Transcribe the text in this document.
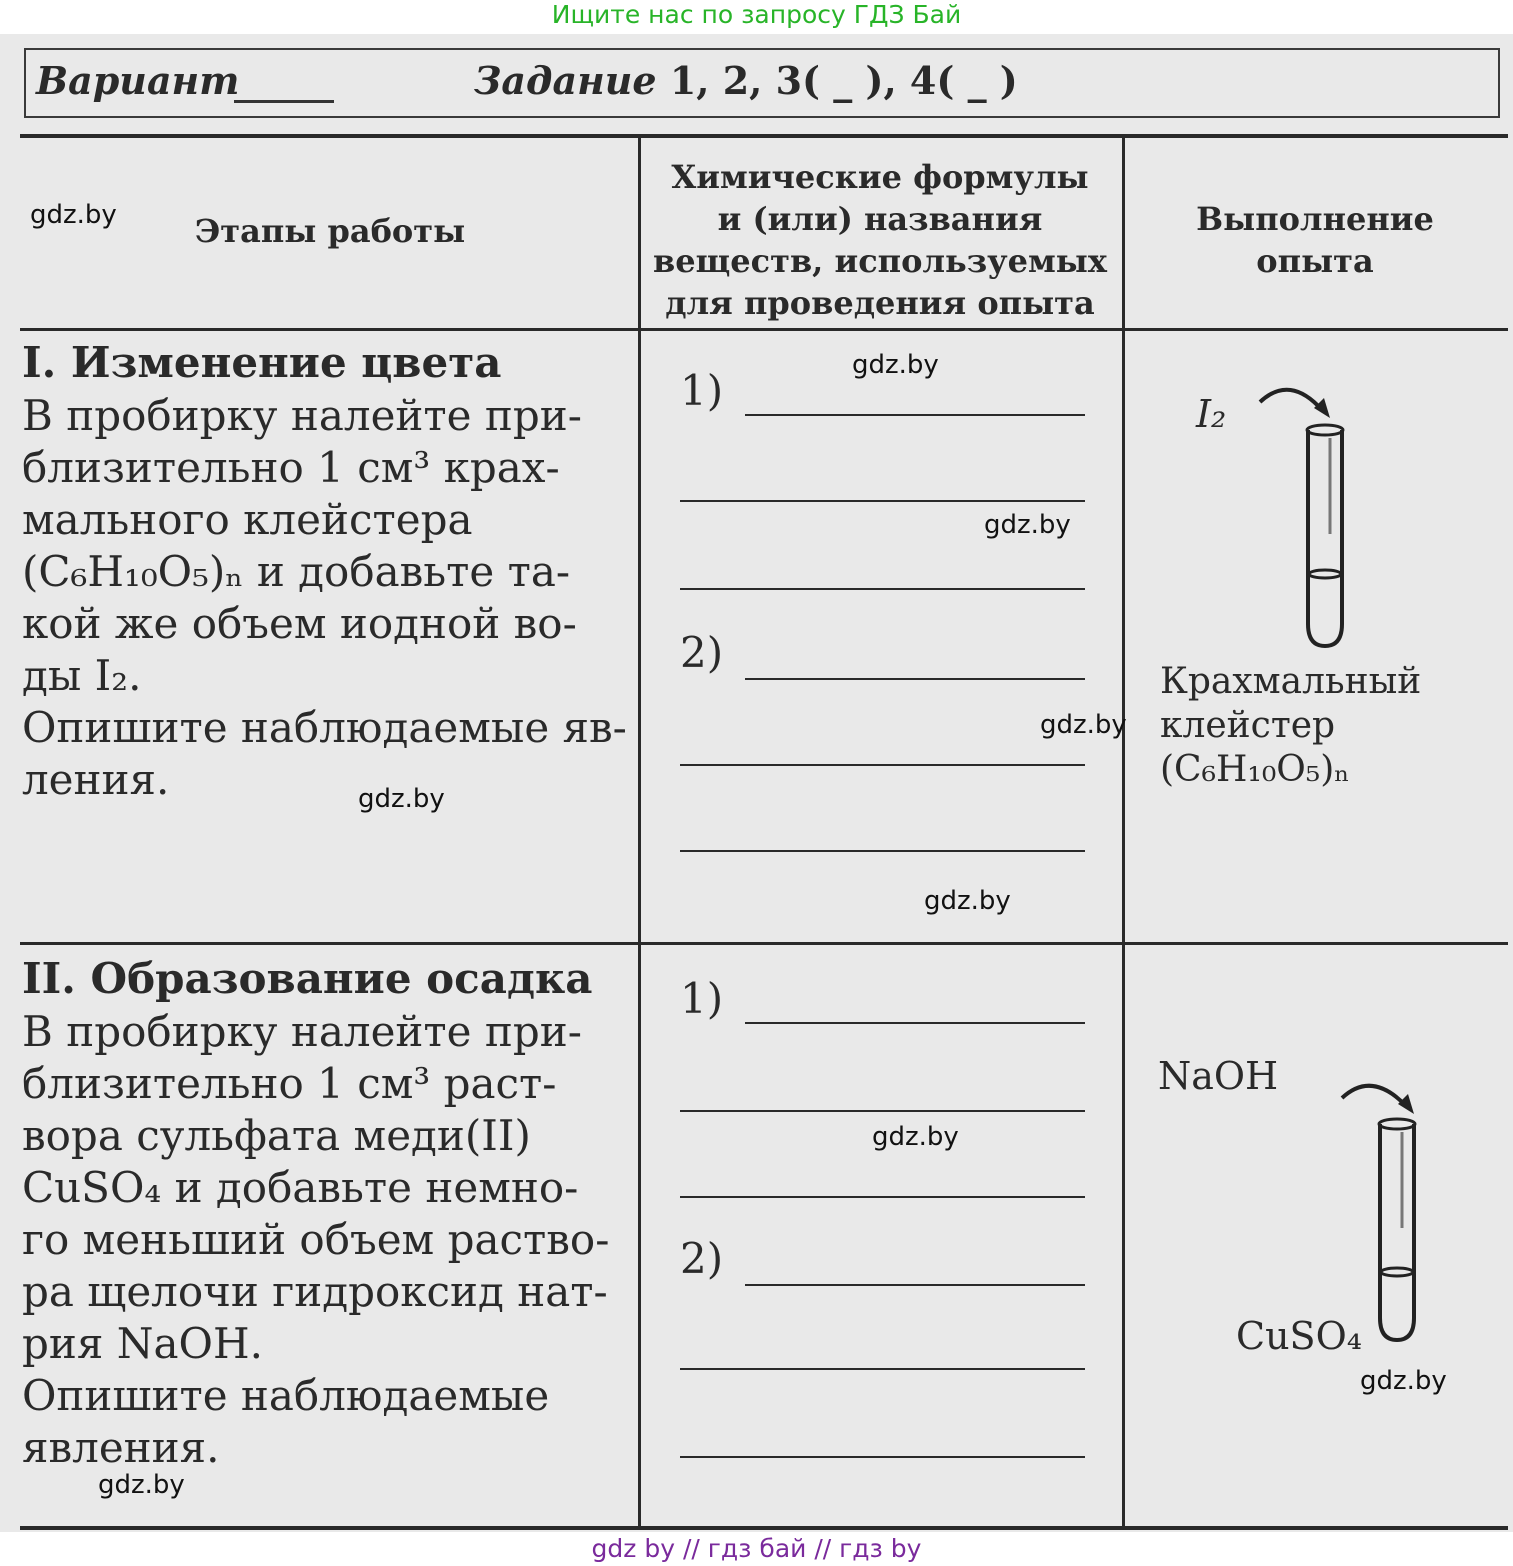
Ищите нас по запросу ГДЗ Бай
Вариант	Задание 1, 2, 3( _ ), 4( _ )
Этапы работы
Химические формулы
и (или) названия
веществ, используемых
для проведения опыта
Выполнение
опыта
I. Изменение цвета
В пробирку налейте при-
близительно 1 см³ крах-
мального клейстера
(C₆H₁₀O₅)ₙ и добавьте та-
кой же объем иодной во-
ды I₂.
Опишите наблюдаемые яв-
ления.
1)
2)
I₂
Крахмальный
клейстер
(C₆H₁₀O₅)ₙ
II. Образование осадка
В пробирку налейте при-
близительно 1 см³ раст-
вора сульфата меди(II)
CuSO₄ и добавьте немно-
го меньший объем раство-
ра щелочи гидроксид нат-
рия NaOH.
Опишите наблюдаемые
явления.
1)
2)
NaOH
CuSO₄
gdz.by
gdz.by
gdz.by
gdz.by
gdz.by
gdz.by
gdz.by
gdz.by
gdz.by
gdz by // гдз бай // гдз by
